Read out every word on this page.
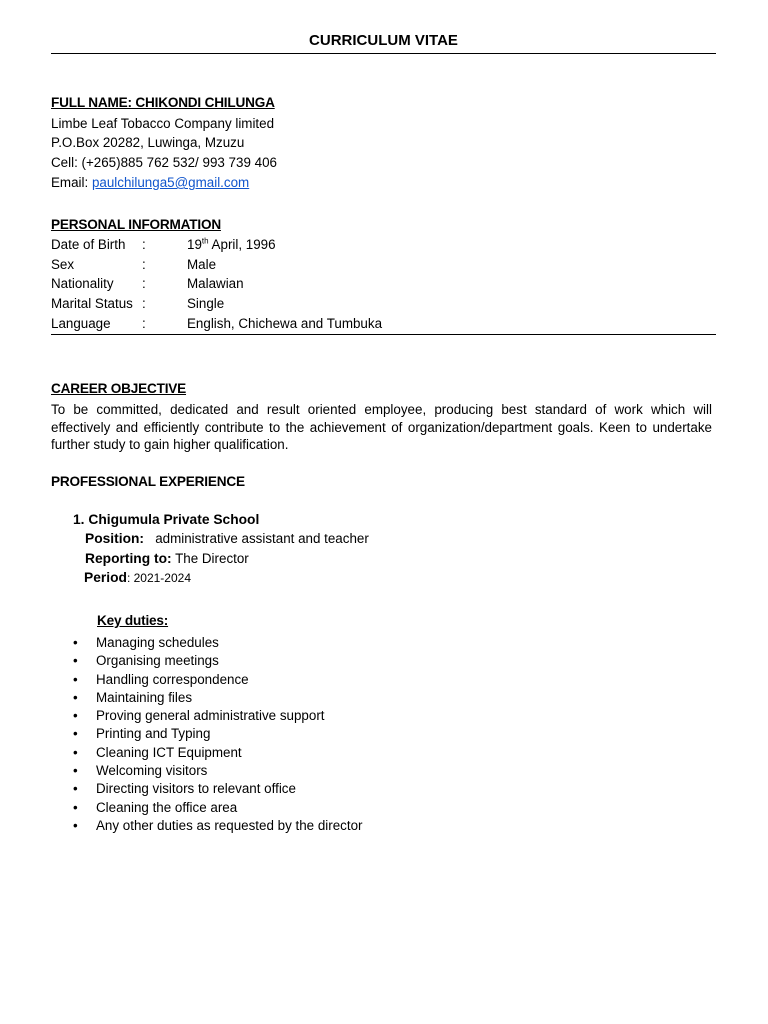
CURRICULUM VITAE
FULL NAME: CHIKONDI CHILUNGA
Limbe Leaf Tobacco Company limited
P.O.Box 20282, Luwinga, Mzuzu
Cell: (+265)885 762 532/ 993 739 406
Email: paulchilunga5@gmail.com
PERSONAL INFORMATION
Date of Birth	:	19th April, 1996
Sex	:	Male
Nationality	:	Malawian
Marital Status	:	Single
Language	:	English, Chichewa and Tumbuka
CAREER OBJECTIVE
To be committed, dedicated and result oriented employee, producing best standard of work which will effectively and efficiently contribute to the achievement of organization/department goals. Keen to undertake further study to gain higher qualification.
PROFESSIONAL EXPERIENCE
1. Chigumula Private School
Position: administrative assistant and teacher
Reporting to: The Director
Period: 2021-2024
Key duties:
• Managing schedules
• Organising meetings
• Handling correspondence
• Maintaining files
• Proving general administrative support
• Printing and Typing
• Cleaning ICT Equipment
• Welcoming visitors
• Directing visitors to relevant office
• Cleaning the office area
• Any other duties as requested by the director
